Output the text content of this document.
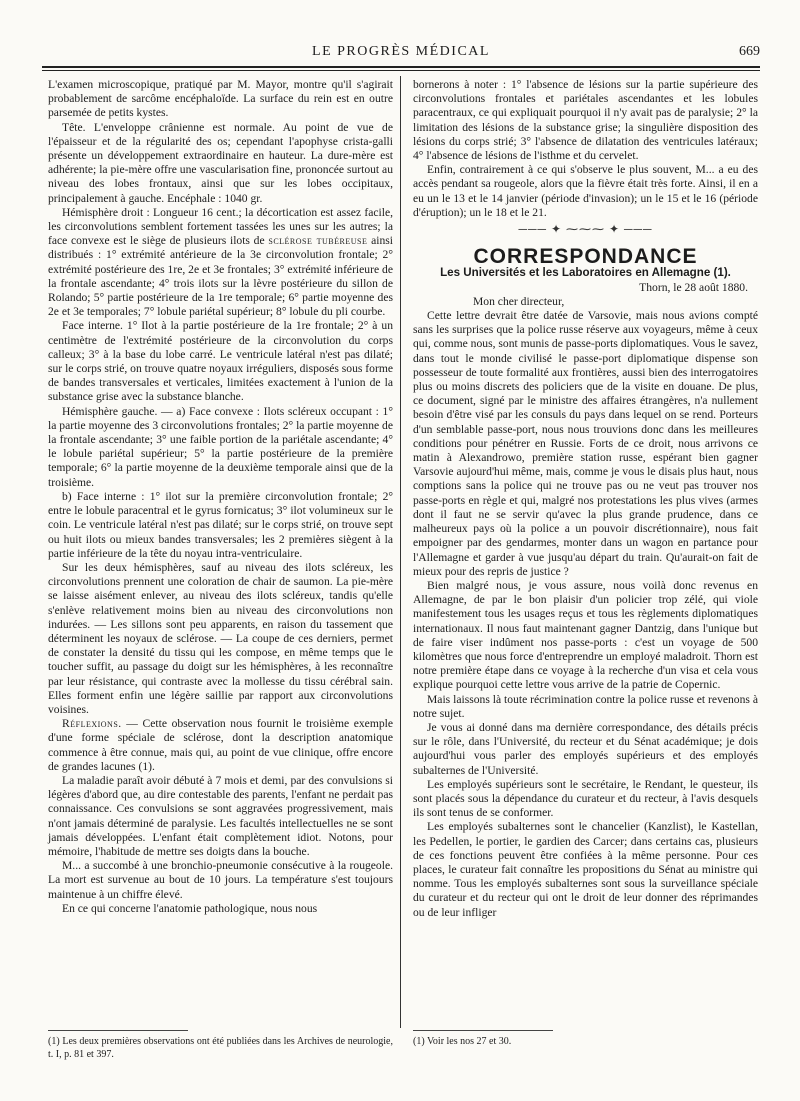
LE PROGRÈS MÉDICAL	669

L'examen microscopique, pratiqué par M. Mayor, montre qu'il s'agirait probablement de sarcôme encéphaloïde. La surface du rein est en outre parsemée de petits kystes.

Tête. L'enveloppe crânienne est normale. Au point de vue de l'épaisseur et de la régularité des os; cependant l'apophyse crista-galli présente un développement extraordinaire en hauteur. La dure-mère est adhérente; la pie-mère offre une vascularisation fine, prononcée surtout au niveau des lobes frontaux, ainsi que sur les lobes occipitaux, principalement à gauche. Encéphale : 1040 gr.

Hémisphère droit : Longueur 16 cent.; la décortication est assez facile, les circonvolutions semblent fortement tassées les unes sur les autres; la face convexe est le siège de plusieurs ilots de sclérose tubéreuse ainsi distribués : 1° extrémité antérieure de la 3e circonvolution frontale; 2° extrémité postérieure des 1re, 2e et 3e frontales; 3° extrémité inférieure de la frontale ascendante; 4° trois ilots sur la lèvre postérieure du sillon de Rolando; 5° partie postérieure de la 1re temporale; 6° partie moyenne des 2e et 3e temporales; 7° lobule pariétal supérieur; 8° lobule du pli courbe.

Face interne. 1° Ilot à la partie postérieure de la 1re frontale; 2° à un centimètre de l'extrémité postérieure de la circonvolution du corps calleux; 3° à la base du lobe carré. Le ventricule latéral n'est pas dilaté; sur le corps strié, on trouve quatre noyaux irréguliers, disposés sous forme de bandes transversales et verticales, limitées exactement à l'union de la substance grise avec la substance blanche.

Hémisphère gauche. — a) Face convexe : Ilots scléreux occupant : 1° la partie moyenne des 3 circonvolutions frontales; 2° la partie moyenne de la frontale ascendante; 3° une faible portion de la pariétale ascendante; 4° le lobule pariétal supérieur; 5° la partie postérieure de la première temporale; 6° la partie moyenne de la deuxième temporale ainsi que de la troisième.

b) Face interne : 1° ilot sur la première circonvolution frontale; 2° entre le lobule paracentral et le gyrus fornicatus; 3° ilot volumineux sur le coin. Le ventricule latéral n'est pas dilaté; sur le corps strié, on trouve sept ou huit ilots ou mieux bandes transversales; les 2 premières siègent à la partie inférieure de la tête du noyau intra-ventriculaire.

Sur les deux hémisphères, sauf au niveau des ilots scléreux, les circonvolutions prennent une coloration de chair de saumon. La pie-mère se laisse aisément enlever, au niveau des ilots scléreux, tandis qu'elle s'enlève relativement moins bien au niveau des circonvolutions non indurées. — Les sillons sont peu apparents, en raison du tassement que déterminent les noyaux de sclérose. — La coupe de ces derniers, permet de constater la densité du tissu qui les compose, en même temps que le toucher suffit, au passage du doigt sur les hémisphères, à les reconnaître par leur résistance, qui contraste avec la mollesse du tissu cérébral sain. Elles forment enfin une légère saillie par rapport aux circonvolutions voisines.

Réflexions. — Cette observation nous fournit le troisième exemple d'une forme spéciale de sclérose, dont la description anatomique commence à être connue, mais qui, au point de vue clinique, offre encore de grandes lacunes (1).

La maladie paraît avoir débuté à 7 mois et demi, par des convulsions si légères d'abord que, au dire contestable des parents, l'enfant ne perdait pas connaissance. Ces convulsions se sont aggravées progressivement, mais n'ont jamais déterminé de paralysie. Les facultés intellectuelles ne se sont jamais développées. L'enfant était complètement idiot. Notons, pour mémoire, l'habitude de mettre ses doigts dans la bouche.

M... a succombé à une bronchio-pneumonie consécutive à la rougeole. La mort est survenue au bout de 10 jours. La température s'est toujours maintenue à un chiffre élevé.

En ce qui concerne l'anatomie pathologique, nous nous

bornerons à noter : 1° l'absence de lésions sur la partie supérieure des circonvolutions frontales et pariétales ascendantes et les lobules paracentraux, ce qui expliquait pourquoi il n'y avait pas de paralysie; 2° la limitation des lésions de la substance grise; la singulière disposition des lésions du corps strié; 3° l'absence de dilatation des ventricules latéraux; 4° l'absence de lésions de l'isthme et du cervelet.

Enfin, contrairement à ce qui s'observe le plus souvent, M... a eu des accès pendant sa rougeole, alors que la fièvre était très forte. Ainsi, il en a eu un le 13 et le 14 janvier (période d'invasion); un le 15 et le 16 (période d'éruption); un le 18 et le 21.

─── ✦ ⁓⁓⁓ ✦ ───
CORRESPONDANCE
Les Universités et les Laboratoires en Allemagne (1).
Thorn, le 28 août 1880.

Mon cher directeur,

Cette lettre devrait être datée de Varsovie, mais nous avions compté sans les surprises que la police russe réserve aux voyageurs, même à ceux qui, comme nous, sont munis de passe-ports diplomatiques. Vous le savez, dans tout le monde civilisé le passe-port diplomatique dispense son possesseur de toute formalité aux frontières, aussi bien des interrogatoires plus ou moins discrets des policiers que de la visite en douane. De plus, ce document, signé par le ministre des affaires étrangères, n'a nullement besoin d'être visé par les consuls du pays dans lequel on se rend. Porteurs d'un semblable passe-port, nous nous trouvions donc dans les meilleures conditions pour pénétrer en Russie. Forts de ce droit, nous arrivons ce matin à Alexandrowo, première station russe, espérant bien gagner Varsovie aujourd'hui même, mais, comme je vous le disais plus haut, nous comptions sans la police qui ne trouve pas ou ne veut pas trouver nos passe-ports en règle et qui, malgré nos protestations les plus vives (armes dont il faut ne se servir qu'avec la plus grande prudence, dans ce malheureux pays où la police a un pouvoir discrétionnaire), nous fait empoigner par des gendarmes, monter dans un wagon en partance pour l'Allemagne et garder à vue jusqu'au départ du train. Qu'aurait-on fait de mieux pour des repris de justice ?

Bien malgré nous, je vous assure, nous voilà donc revenus en Allemagne, de par le bon plaisir d'un policier trop zélé, qui viole manifestement tous les usages reçus et tous les règlements diplomatiques internationaux. Il nous faut maintenant gagner Dantzig, dans l'unique but de faire viser indûment nos passe-ports : c'est un voyage de 500 kilomètres que nous force d'entreprendre un employé maladroit. Thorn est notre première étape dans ce voyage à la recherche d'un visa et cela vous explique pourquoi cette lettre vous arrive de la patrie de Copernic.

Mais laissons là toute récrimination contre la police russe et revenons à notre sujet.

Je vous ai donné dans ma dernière correspondance, des détails précis sur le rôle, dans l'Université, du recteur et du Sénat académique; je dois aujourd'hui vous parler des employés supérieurs et des employés subalternes de l'Université.

Les employés supérieurs sont le secrétaire, le Rendant, le questeur, ils sont placés sous la dépendance du curateur et du recteur, à l'avis desquels ils sont tenus de se conformer.

Les employés subalternes sont le chancelier (Kanzlist), le Kastellan, les Pedellen, le portier, le gardien des Carcer; dans certains cas, plusieurs de ces fonctions peuvent être confiées à la même personne. Pour ces places, le curateur fait connaître les propositions du Sénat au ministre qui nomme. Tous les employés subalternes sont sous la surveillance spéciale du curateur et du recteur qui ont le droit de leur donner des réprimandes ou de leur infliger

(1) Les deux premières observations ont été publiées dans les Archives de neurologie, t. I, p. 81 et 397.
(1) Voir les nos 27 et 30.
